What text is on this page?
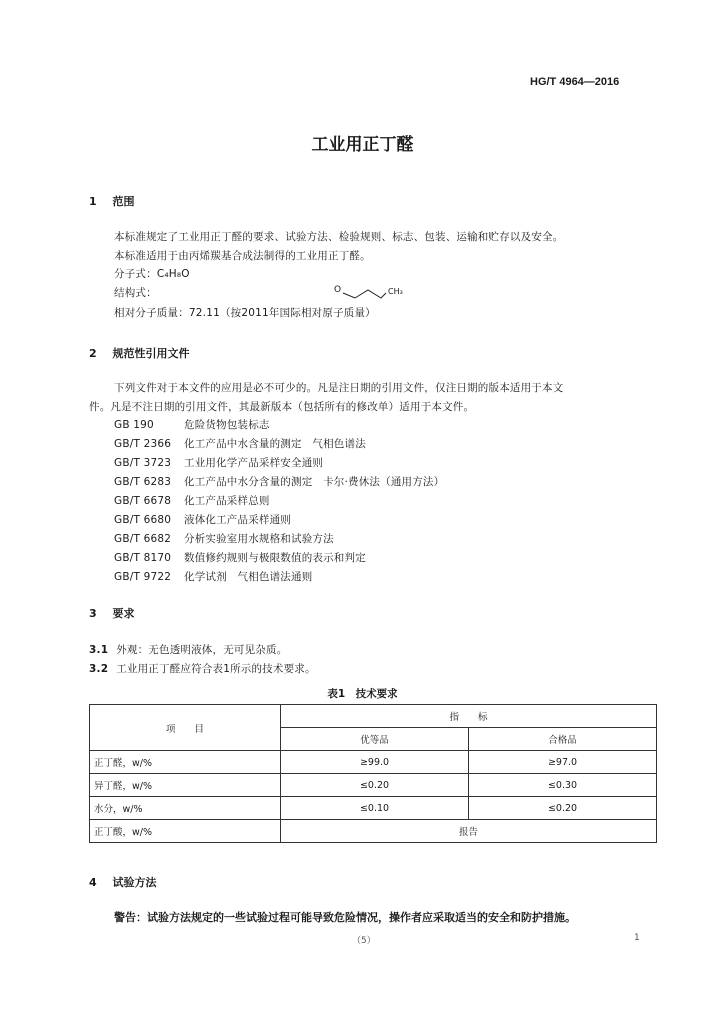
HG/T 4964—2016
工业用正丁醛
1 范围
本标准规定了工业用正丁醛的要求、试验方法、检验规则、标志、包装、运输和贮存以及安全。
本标准适用于由丙烯羰基合成法制得的工业用正丁醛。
分子式：C₄H₈O
结构式：	O	CH₃
相对分子质量：72.11（按2011年国际相对原子质量）
2 规范性引用文件
下列文件对于本文件的应用是必不可少的。凡是注日期的引用文件，仅注日期的版本适用于本文
件。凡是不注日期的引用文件，其最新版本（包括所有的修改单）适用于本文件。
GB 190	危险货物包装标志
GB/T 2366 化工产品中水含量的测定　气相色谱法
GB/T 3723 工业用化学产品采样安全通则
GB/T 6283 化工产品中水分含量的测定　卡尔·费休法（通用方法）
GB/T 6678 化工产品采样总则
GB/T 6680 液体化工产品采样通则
GB/T 6682 分析实验室用水规格和试验方法
GB/T 8170 数值修约规则与极限数值的表示和判定
GB/T 9722 化学试剂　气相色谱法通则
3 要求
3.1 外观：无色透明液体，无可见杂质。
3.2 工业用正丁醛应符合表1所示的技术要求。
表1　技术要求
项　　目	指　　标	
	优等品	合格品
正丁醛，w/%	≥99.0	≥97.0
异丁醛，w/%	≤0.20	≤0.30
水分，w/%	≤0.10	≤0.20
正丁酸，w/%	报告	
4 试验方法
警告：试验方法规定的一些试验过程可能导致危险情况，操作者应采取适当的安全和防护措施。
（5）	1
